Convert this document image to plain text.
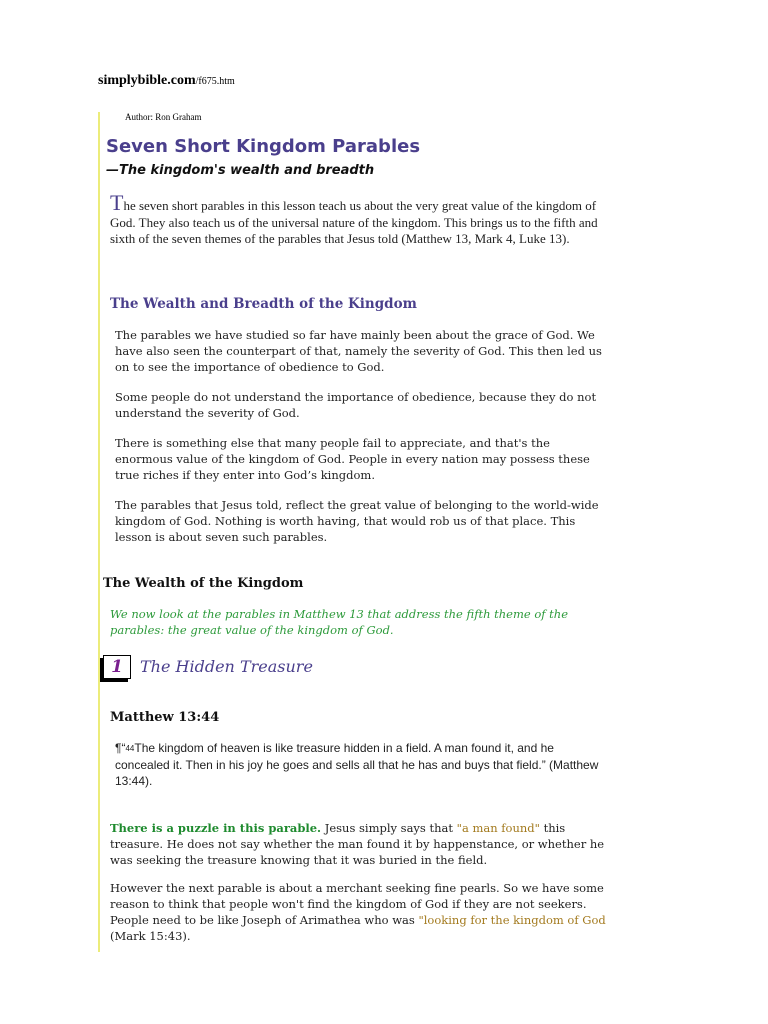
simplybible.com/f675.htm
Author: Ron Graham
Seven Short Kingdom Parables
—The kingdom's wealth and breadth

The seven short parables in this lesson teach us about the very great value of the kingdom of God. They also teach us of the universal nature of the kingdom. This brings us to the fifth and sixth of the seven themes of the parables that Jesus told (Matthew 13, Mark 4, Luke 13).

The Wealth and Breadth of the Kingdom

The parables we have studied so far have mainly been about the grace of God. We have also seen the counterpart of that, namely the severity of God. This then led us on to see the importance of obedience to God.

Some people do not understand the importance of obedience, because they do not understand the severity of God.

There is something else that many people fail to appreciate, and that's the enormous value of the kingdom of God. People in every nation may possess these true riches if they enter into God’s kingdom.

The parables that Jesus told, reflect the great value of belonging to the world-wide kingdom of God. Nothing is worth having, that would rob us of that place. This lesson is about seven such parables.

The Wealth of the Kingdom

We now look at the parables in Matthew 13 that address the fifth theme of the parables: the great value of the kingdom of God.

1	The Hidden Treasure
Matthew 13:44

¶“$^{44}$The kingdom of heaven is like treasure hidden in a field. A man found it, and he concealed it. Then in his joy he goes and sells all that he has and buys that field.” (Matthew 13:44).

There is a puzzle in this parable. Jesus simply says that "a man found" this treasure. He does not say whether the man found it by happenstance, or whether he was seeking the treasure knowing that it was buried in the field.

However the next parable is about a merchant seeking fine pearls. So we have some reason to think that people won't find the kingdom of God if they are not seekers. People need to be like Joseph of Arimathea who was "looking for the kingdom of God (Mark 15:43).
